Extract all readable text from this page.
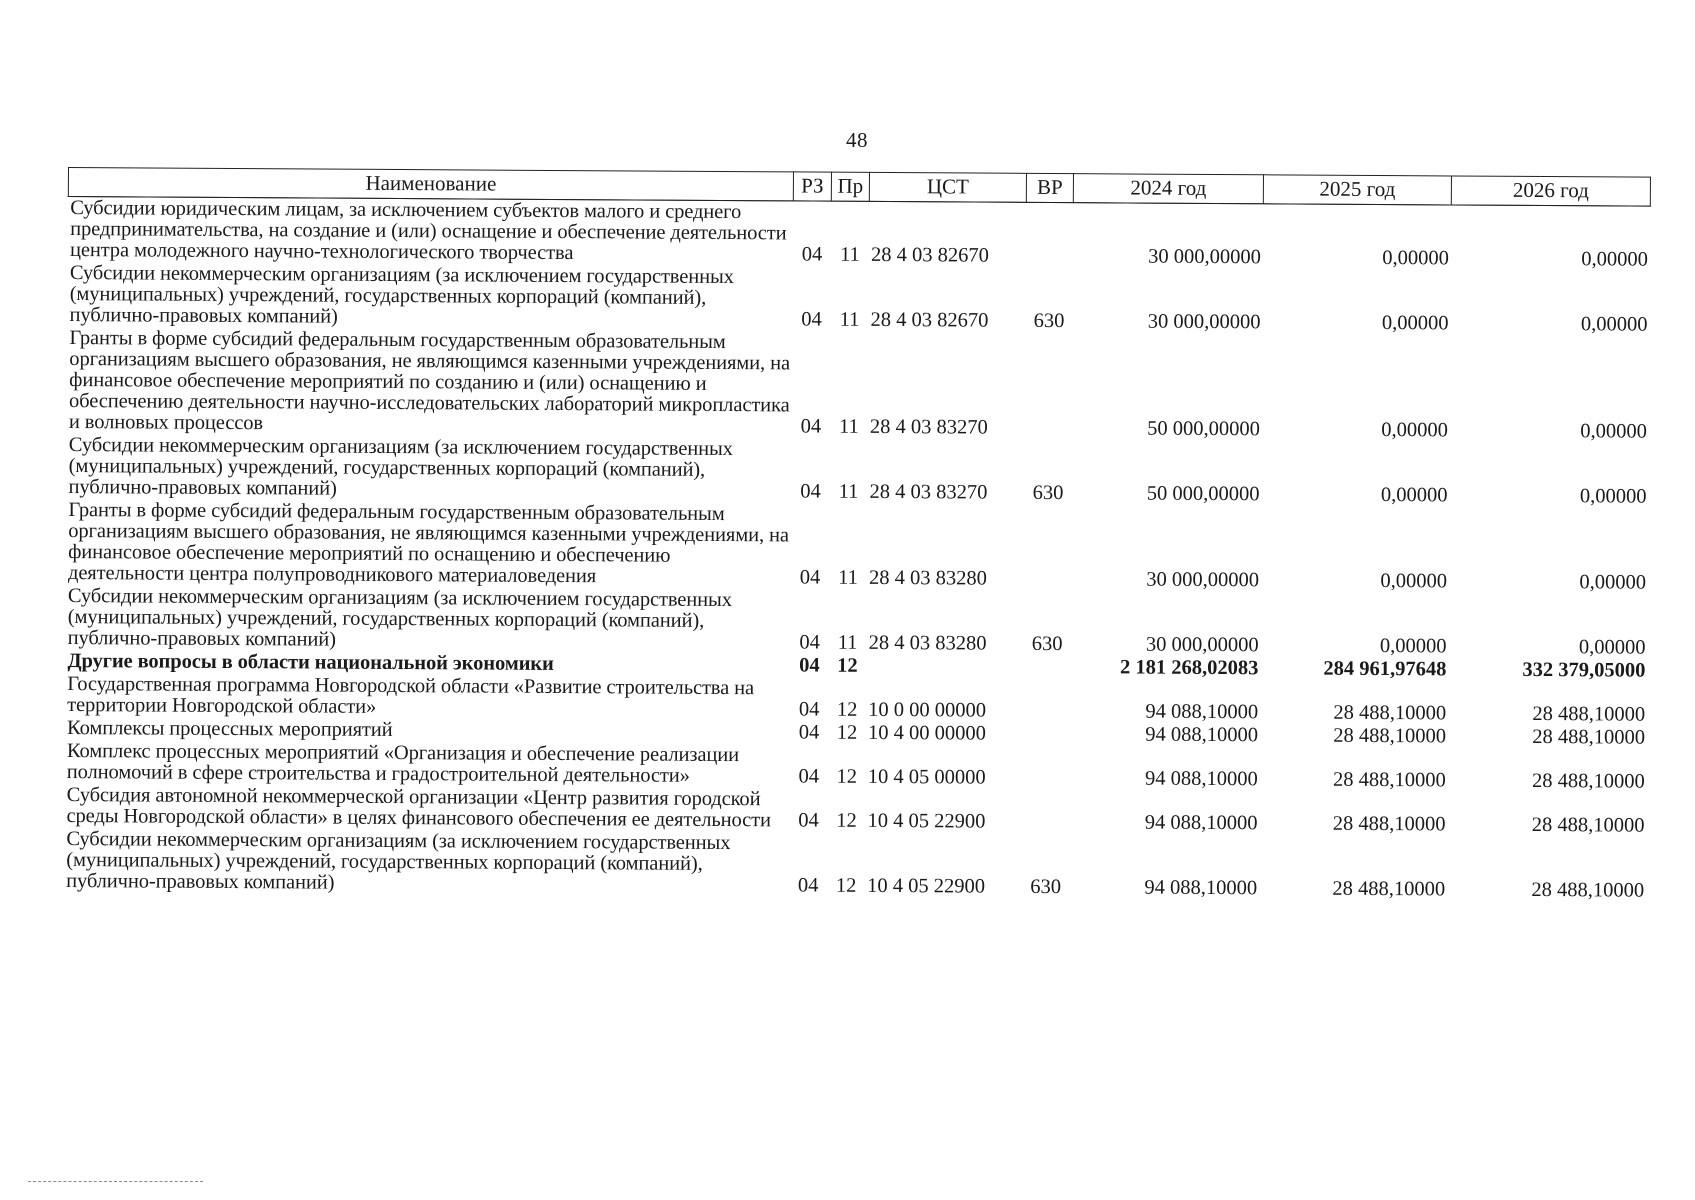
48
Наименование	РЗ	Пр	ЦСТ	ВР	2024 год	2025 год	2026 год
Субсидии юридическим лицам, за исключением субъектов малого и среднего предпринимательства, на создание и (или) оснащение и обеспечение деятельности центра молодежного научно-технологического творчества	04	11	28 4 03 82670		30 000,00000	0,00000	0,00000
Субсидии некоммерческим организациям (за исключением государственных (муниципальных) учреждений, государственных корпораций (компаний), публично-правовых компаний)	04	11	28 4 03 82670	630	30 000,00000	0,00000	0,00000
Гранты в форме субсидий федеральным государственным образовательным организациям высшего образования, не являющимся казенными учреждениями, на финансовое обеспечение мероприятий по созданию и (или) оснащению и обеспечению деятельности научно-исследовательских лабораторий микропластика и волновых процессов	04	11	28 4 03 83270		50 000,00000	0,00000	0,00000
Субсидии некоммерческим организациям (за исключением государственных (муниципальных) учреждений, государственных корпораций (компаний), публично-правовых компаний)	04	11	28 4 03 83270	630	50 000,00000	0,00000	0,00000
Гранты в форме субсидий федеральным государственным образовательным организациям высшего образования, не являющимся казенными учреждениями, на финансовое обеспечение мероприятий по оснащению и обеспечению деятельности центра полупроводникового материаловедения	04	11	28 4 03 83280		30 000,00000	0,00000	0,00000
Субсидии некоммерческим организациям (за исключением государственных (муниципальных) учреждений, государственных корпораций (компаний), публично-правовых компаний)	04	11	28 4 03 83280	630	30 000,00000	0,00000	0,00000
Другие вопросы в области национальной экономики	04	12			2 181 268,02083	284 961,97648	332 379,05000
Государственная программа Новгородской области «Развитие строительства на территории Новгородской области»	04	12	10 0 00 00000		94 088,10000	28 488,10000	28 488,10000
Комплексы процессных мероприятий	04	12	10 4 00 00000		94 088,10000	28 488,10000	28 488,10000
Комплекс процессных мероприятий «Организация и обеспечение реализации полномочий в сфере строительства и градостроительной деятельности»	04	12	10 4 05 00000		94 088,10000	28 488,10000	28 488,10000
Субсидия автономной некоммерческой организации «Центр развития городской среды Новгородской области» в целях финансового обеспечения ее деятельности	04	12	10 4 05 22900		94 088,10000	28 488,10000	28 488,10000
Субсидии некоммерческим организациям (за исключением государственных (муниципальных) учреждений, государственных корпораций (компаний), публично-правовых компаний)	04	12	10 4 05 22900	630	94 088,10000	28 488,10000	28 488,10000
